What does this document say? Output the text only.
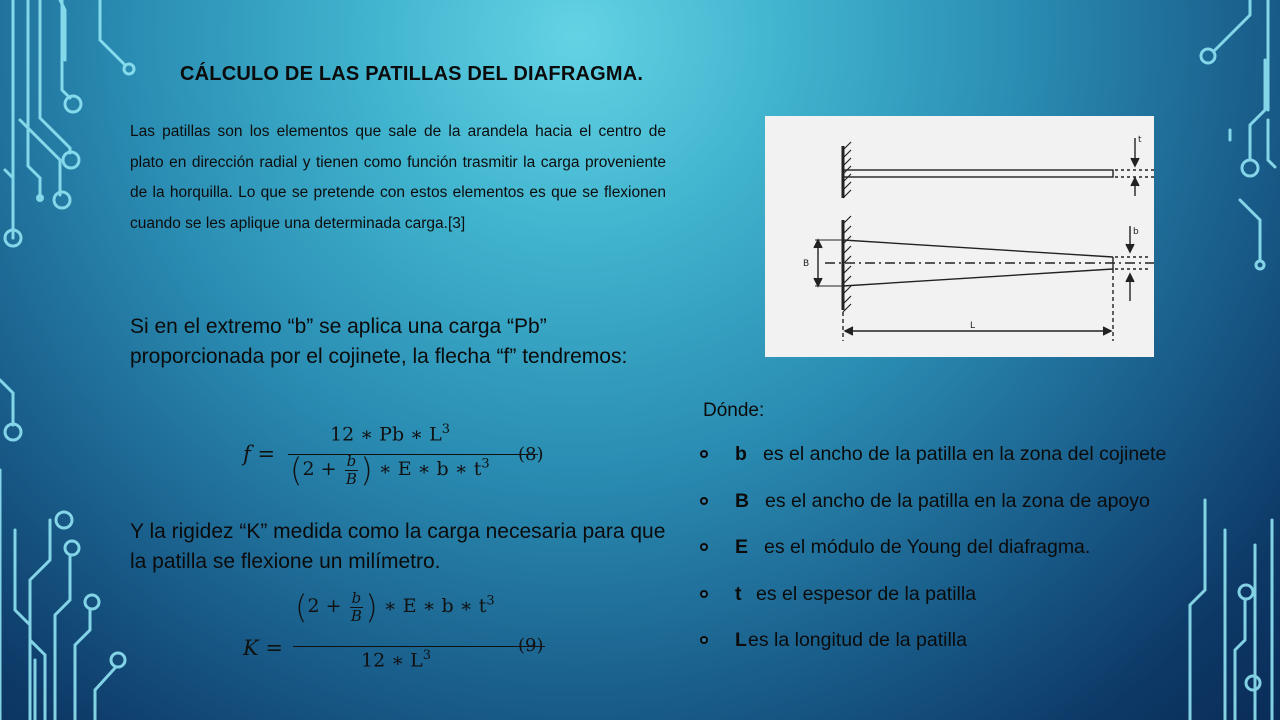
CÁLCULO DE LAS PATILLAS DEL DIAFRAGMA.

Las patillas son los elementos que sale de la arandela hacia el centro de plato en dirección radial y tienen como función trasmitir la carga proveniente de la horquilla. Lo que se pretende con estos elementos es que se flexionen cuando se les aplique una determinada carga.[3]

Si en el extremo “b” se aplica una carga “Pb” proporcionada por el cojinete, la flecha “f” tendremos:

f =
12 ∗ Pb ∗ $L^3$
($2 + \frac{b}{B}$ ) ∗ E ∗ b ∗ $t^3$ (8)

Y la rigidez “K” medida como la carga necesaria para que la patilla se flexione un milímetro.

K =
($2 + \frac{b}{B}$ ) ∗ E ∗ b ∗ $t^3$
12 ∗ $L^3$	(9)
t
b
B
L

Dónde:

b es el ancho de la patilla en la zona del cojinete
B es el ancho de la patilla en la zona de apoyo
E es el módulo de Young del diafragma.
t es el espesor de la patilla
L es la longitud de la patilla
